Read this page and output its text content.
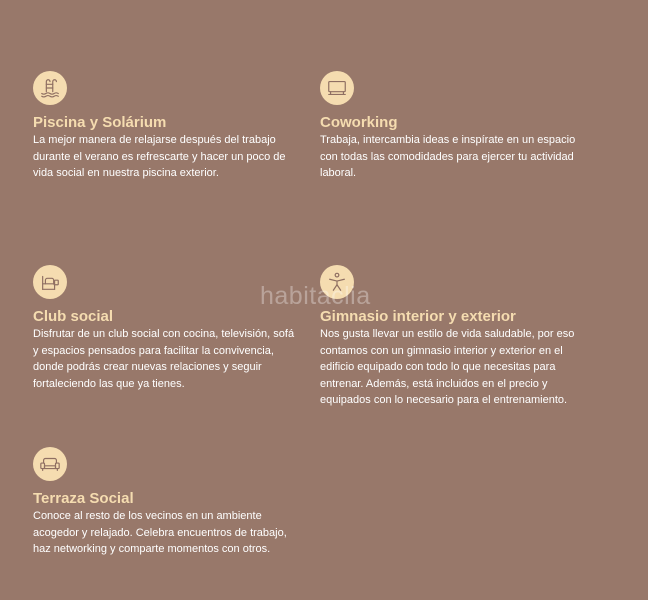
Piscina y Solárium
La mejor manera de relajarse después del trabajo durante el verano es refrescarte y hacer un poco de vida social en nuestra piscina exterior.
Coworking
Trabaja, intercambia ideas e inspírate en un espacio con todas las comodidades para ejercer tu actividad laboral.
Club social
Disfrutar de un club social con cocina, televisión, sofá y espacios pensados para facilitar la convivencia, donde podrás crear nuevas relaciones y seguir fortaleciendo las que ya tienes.
Gimnasio interior y exterior
Nos gusta llevar un estilo de vida saludable, por eso contamos con un gimnasio interior y exterior en el edificio equipado con todo lo que necesitas para entrenar. Además, está incluidos en el precio y equipados con lo necesario para el entrenamiento.
Terraza Social
Conoce al resto de los vecinos en un ambiente acogedor y relajado. Celebra encuentros de trabajo, haz networking y comparte momentos con otros.
habitaclia
